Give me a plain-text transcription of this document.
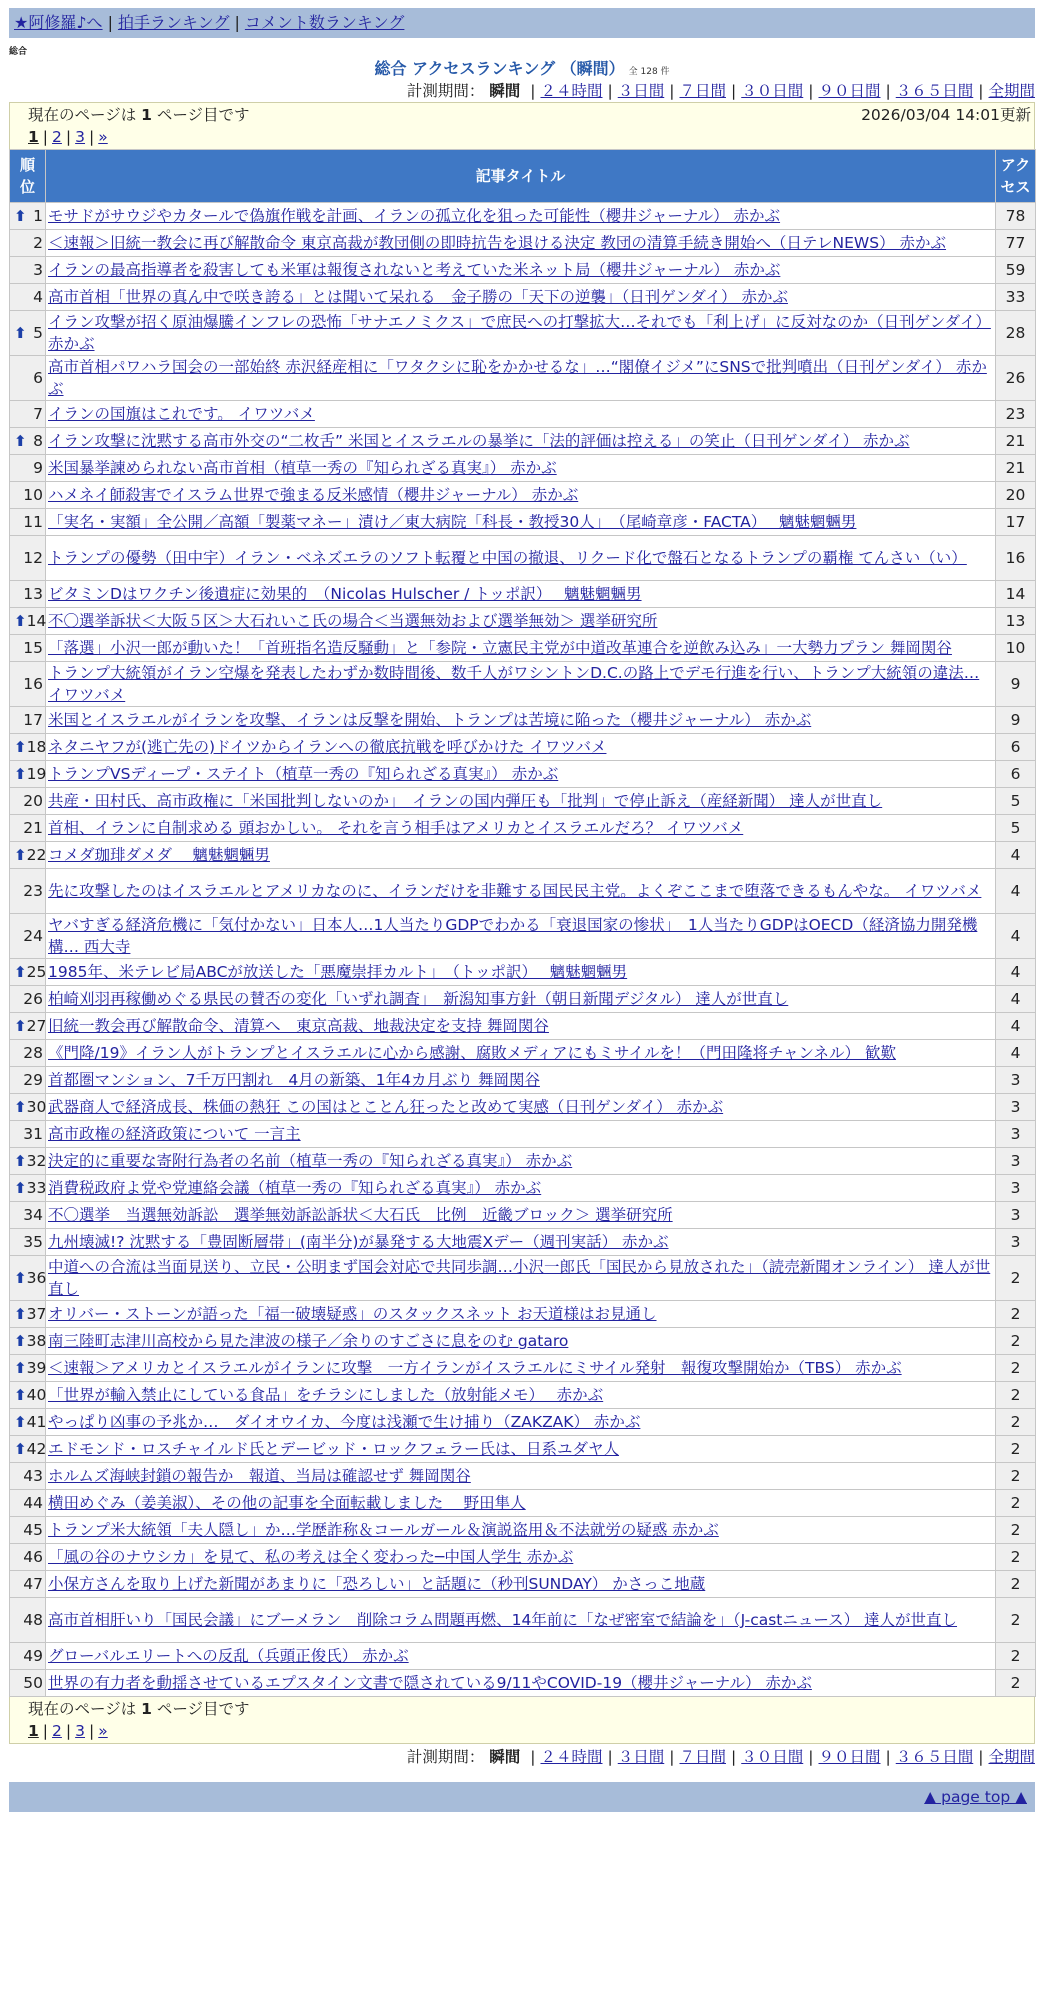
★阿修羅♪へ | 拍手ランキング | コメント数ランキング
総合
総合 アクセスランキング （瞬間） 全 128 件
計測期間： 瞬間 | ２４時間 | ３日間 | ７日間 | ３０日間 | ９０日間 | ３６５日間 | 全期間
現在のページは 1 ページ目です	2026/03/04 14:01更新
1 | 2 | 3 | »
順位	記事タイトル	アクセス

⬆ 1	モサドがサウジやカタールで偽旗作戦を計画、イランの孤立化を狙った可能性（櫻井ジャーナル） 赤かぶ	78
2	＜速報＞旧統一教会に再び解散命令 東京高裁が教団側の即時抗告を退ける決定 教団の清算手続き開始へ（日テレNEWS） 赤かぶ	77
3	イランの最高指導者を殺害しても米軍は報復されないと考えていた米ネット局（櫻井ジャーナル） 赤かぶ	59
4	高市首相「世界の真ん中で咲き誇る」とは聞いて呆れる　金子勝の「天下の逆襲」（日刊ゲンダイ） 赤かぶ	33

⬆ 5	イラン攻撃が招く原油爆騰インフレの恐怖「サナエノミクス」で庶民への打撃拡大…それでも「利上げ」に反対なのか（日刊ゲンダイ） 赤かぶ	28
6	高市首相パワハラ国会の一部始終 赤沢経産相に「ワタクシに恥をかかせるな」…“閣僚イジメ”にSNSで批判噴出（日刊ゲンダイ） 赤かぶ	26
7	イランの国旗はこれです。 イワツバメ	23

⬆ 8	イラン攻撃に沈黙する高市外交の“二枚舌” 米国とイスラエルの暴挙に「法的評価は控える」の笑止（日刊ゲンダイ） 赤かぶ	21
9	米国暴挙諫められない高市首相（植草一秀の『知られざる真実』） 赤かぶ	21
10	ハメネイ師殺害でイスラム世界で強まる反米感情（櫻井ジャーナル） 赤かぶ	20
11	「実名・実額」全公開／高額「製薬マネー」漬け／東大病院「科長・教授30人」　（尾崎章彦・FACTA）　 魑魅魍魎男	17
12	トランプの優勢（田中宇）イラン・ベネズエラのソフト転覆と中国の撤退、リクード化で盤石となるトランプの覇権 てんさい（い）	16
13	ビタミンDはワクチン後遺症に効果的　（Nicolas Hulscher / トッポ訳）　 魑魅魍魎男	14

⬆ 14	不〇選挙訴状＜大阪５区＞大石れいこ氏の場合＜当選無効および選挙無効＞ 選挙研究所	13
15	「落選」小沢一郎が動いた！「首班指名造反騒動」と「参院・立憲民主党が中道改革連合を逆飲み込み」一大勢力プラン 舞岡関谷	10
16	トランプ大統領がイラン空爆を発表したわずか数時間後、数千人がワシントンD.C.の路上でデモ行進を行い、トランプ大統領の違法… イワツバメ	9
17	米国とイスラエルがイランを攻撃、イランは反撃を開始、トランプは苦境に陥った（櫻井ジャーナル） 赤かぶ	9

⬆ 18	ネタニヤフが(逃亡先の)ドイツからイランへの徹底抗戦を呼びかけた イワツバメ	6

⬆ 19	トランプVSディープ・ステイト（植草一秀の『知られざる真実』） 赤かぶ	6
20	共産・田村氏、高市政権に「米国批判しないのか」　イランの国内弾圧も「批判」で停止訴え（産経新聞） 達人が世直し	5
21	首相、イランに自制求める 頭おかしい。 それを言う相手はアメリカとイスラエルだろ？ イワツバメ	5

⬆ 22	コメダ珈琲ダメダ　 魑魅魍魎男	4
23	先に攻撃したのはイスラエルとアメリカなのに、イランだけを非難する国民民主党。よくぞここまで堕落できるもんやな。 イワツバメ	4
24	ヤバすぎる経済危機に「気付かない」日本人…1人当たりGDPでわかる「衰退国家の惨状」　1人当たりGDPはOECD（経済協力開発機構… 西大寺	4

⬆ 25	1985年、米テレビ局ABCが放送した「悪魔崇拝カルト」　（トッポ訳）　 魑魅魍魎男	4
26	柏崎刈羽再稼働めぐる県民の賛否の変化「いずれ調査」　新潟知事方針（朝日新聞デジタル） 達人が世直し	4

⬆ 27	旧統一教会再び解散命令、清算へ　東京高裁、地裁決定を支持 舞岡関谷	4
28	《門降/19》イラン人がトランプとイスラエルに心から感謝、腐敗メディアにもミサイルを！（門田隆将チャンネル） 歓歎	4
29	首都圏マンション、7千万円割れ　4月の新築、1年4カ月ぶり 舞岡関谷	3

⬆ 30	武器商人で経済成長、株価の熱狂 この国はとことん狂ったと改めて実感（日刊ゲンダイ） 赤かぶ	3
31	高市政権の経済政策について 一言主	3

⬆ 32	決定的に重要な寄附行為者の名前（植草一秀の『知られざる真実』） 赤かぶ	3

⬆ 33	消費税政府よ党や党連絡会議（植草一秀の『知られざる真実』） 赤かぶ	3
34	不〇選挙　当選無効訴訟　選挙無効訴訟訴状＜大石氏　比例　近畿ブロック＞ 選挙研究所	3
35	九州壊滅!? 沈黙する「豊固断層帯」(南半分)が暴発する大地震Xデー（週刊実話） 赤かぶ	3

⬆ 36	中道への合流は当面見送り、立民・公明まず国会対応で共同歩調…小沢一郎氏「国民から見放された」（読売新聞オンライン） 達人が世直し	2

⬆ 37	オリバー・ストーンが語った「福一破壊疑惑」のスタックスネット お天道様はお見通し	2

⬆ 38	南三陸町志津川高校から見た津波の様子／余りのすごさに息をのむ gataro	2

⬆ 39	＜速報＞アメリカとイスラエルがイランに攻撃　一方イランがイスラエルにミサイル発射　報復攻撃開始か（TBS） 赤かぶ	2

⬆ 40	「世界が輸入禁止にしている食品」をチラシにしました（放射能メモ）　 赤かぶ	2

⬆ 41	やっぱり凶事の予兆か…　ダイオウイカ、今度は浅瀬で生け捕り（ZAKZAK） 赤かぶ	2

⬆ 42	エドモンド・ロスチャイルド氏とデービッド・ロックフェラー氏は、日系ユダヤ人	2
43	ホルムズ海峡封鎖の報告か　報道、当局は確認せず 舞岡関谷	2
44	横田めぐみ（姜美淑）、その他の記事を全面転載しました　 野田隼人	2
45	トランプ米大統領「夫人隠し」か…学歴詐称＆コールガール＆演説盗用＆不法就労の疑惑 赤かぶ	2
46	「風の谷のナウシカ」を見て、私の考えは全く変わった─中国人学生 赤かぶ	2
47	小保方さんを取り上げた新聞があまりに「恐ろしい」と話題に（秒刊SUNDAY） かさっこ地蔵	2
48	高市首相肝いり「国民会議」にブーメラン　削除コラム問題再燃、14年前に「なぜ密室で結論を」（J-castニュース） 達人が世直し	2
49	グローバルエリートへの反乱（兵頭正俊氏） 赤かぶ	2
50	世界の有力者を動揺させているエプスタイン文書で隠されている9/11やCOVID-19（櫻井ジャーナル） 赤かぶ	2
現在のページは 1 ページ目です
1 | 2 | 3 | »
計測期間： 瞬間 | ２４時間 | ３日間 | ７日間 | ３０日間 | ９０日間 | ３６５日間 | 全期間
▲ page top ▲
